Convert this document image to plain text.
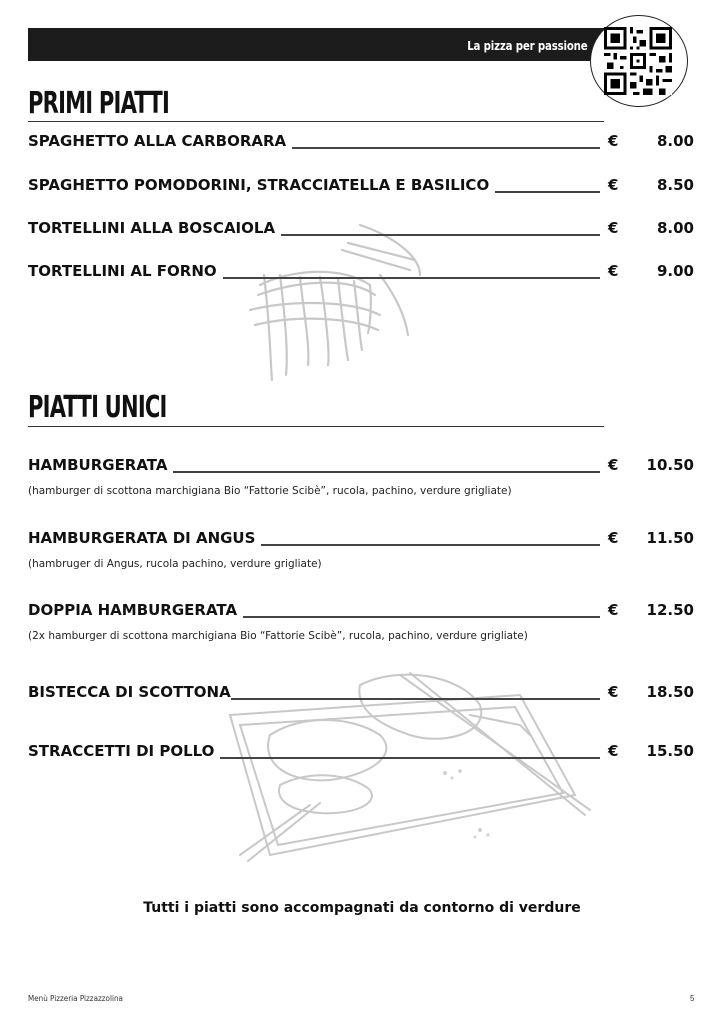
La pizza per passione
PRIMI PIATTI
SPAGHETTO ALLA CARBORARA	€	8.00
SPAGHETTO POMODORINI, STRACCIATELLA E BASILICO	€	8.50
TORTELLINI ALLA BOSCAIOLA	€	8.00
TORTELLINI AL FORNO	€	9.00
PIATTI UNICI
HAMBURGERATA	€	10.50
(hamburger di scottona marchigiana Bio “Fattorie Scibè”, rucola, pachino, verdure grigliate)
HAMBURGERATA DI ANGUS	€	11.50
(hambruger di Angus, rucola pachino, verdure grigliate)
DOPPIA HAMBURGERATA	€	12.50
(2x hamburger di scottona marchigiana Bio “Fattorie Scibè”, rucola, pachino, verdure grigliate)
BISTECCA DI SCOTTONA	€	18.50
STRACCETTI DI POLLO	€	15.50
Tutti i piatti sono accompagnati da contorno di verdure
Menù Pizzeria Pizzazzolina	5
